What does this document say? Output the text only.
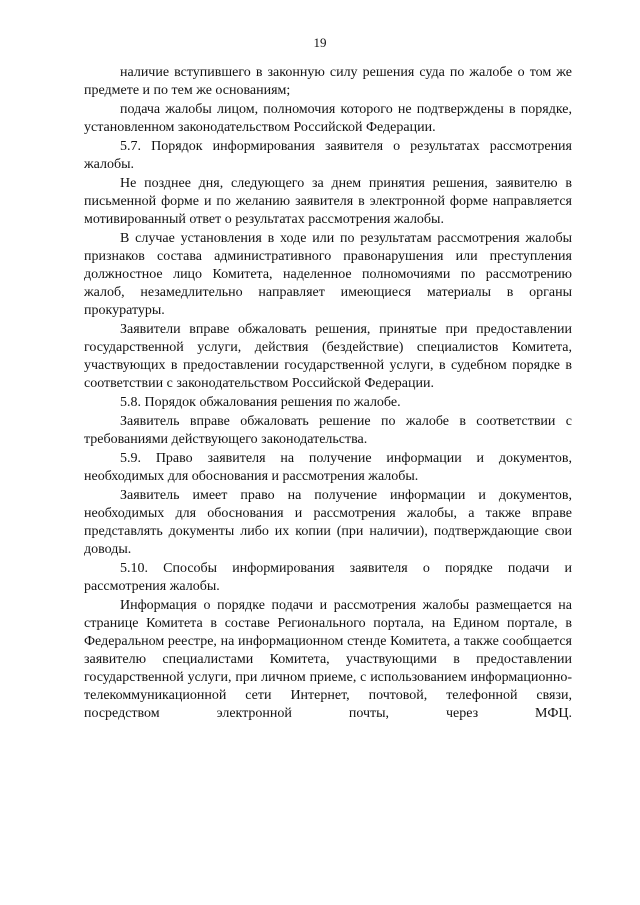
19

наличие вступившего в законную силу решения суда по жалобе о том же предмете и по тем же основаниям;

подача жалобы лицом, полномочия которого не подтверждены в порядке, установленном законодательством Российской Федерации.

5.7. Порядок информирования заявителя о результатах рассмотрения жалобы.

Не позднее дня, следующего за днем принятия решения, заявителю в письменной форме и по желанию заявителя в электронной форме направляется мотивированный ответ о результатах рассмотрения жалобы.

В случае установления в ходе или по результатам рассмотрения жалобы признаков состава административного правонарушения или преступления должностное лицо Комитета, наделенное полномочиями по рассмотрению жалоб, незамедлительно направляет имеющиеся материалы в органы прокуратуры.

Заявители вправе обжаловать решения, принятые при предоставлении государственной услуги, действия (бездействие) специалистов Комитета, участвующих в предоставлении государственной услуги, в судебном порядке в соответствии с законодательством Российской Федерации.

5.8. Порядок обжалования решения по жалобе.

Заявитель вправе обжаловать решение по жалобе в соответствии с требованиями действующего законодательства.

5.9. Право заявителя на получение информации и документов, необходимых для обоснования и рассмотрения жалобы.

Заявитель имеет право на получение информации и документов, необходимых для обоснования и рассмотрения жалобы, а также вправе представлять документы либо их копии (при наличии), подтверждающие свои доводы.

5.10. Способы информирования заявителя о порядке подачи и рассмотрения жалобы.

Информация о порядке подачи и рассмотрения жалобы размещается на странице Комитета в составе Регионального портала, на Едином портале, в Федеральном реестре, на информационном стенде Комитета, а также сообщается заявителю специалистами Комитета, участвующими в предоставлении государственной услуги, при личном приеме, с использованием информационно-телекоммуникационной сети Интернет, почтовой, телефонной связи, посредством электронной почты, через МФЦ.
